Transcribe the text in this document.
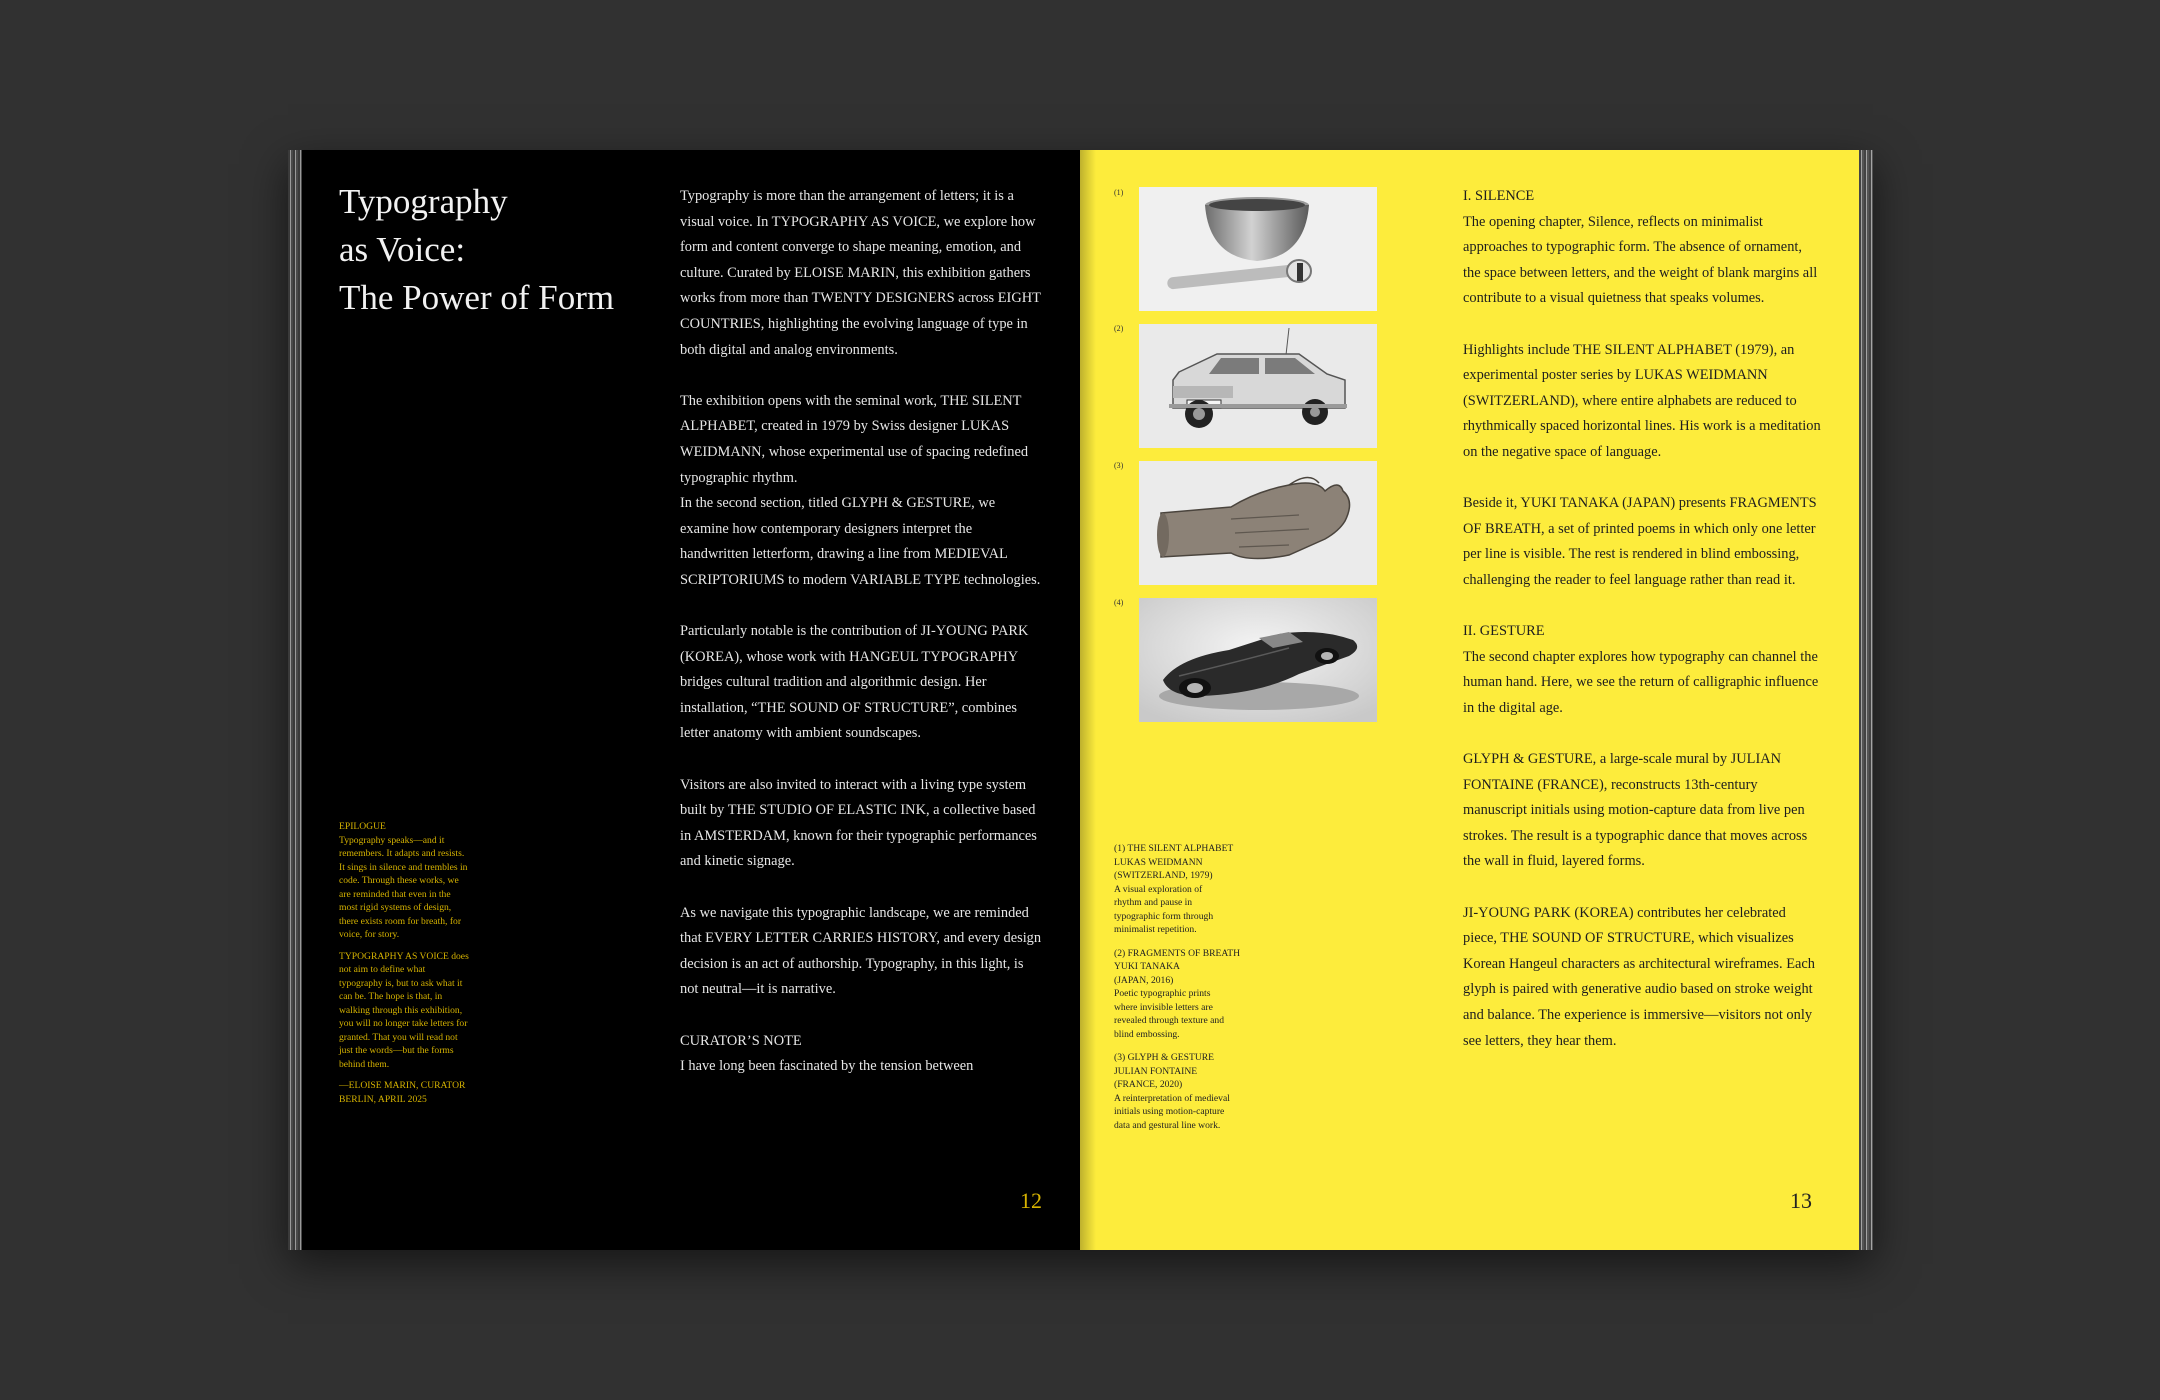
Typography
as Voice:
The Power of Form

Typography is more than the arrangement of letters; it is a visual voice. In TYPOGRAPHY AS VOICE, we explore how form and content converge to shape meaning, emotion, and culture. Curated by ELOISE MARIN, this exhibition gathers works from more than TWENTY DESIGNERS across EIGHT COUNTRIES, highlighting the evolving language of type in both digital and analog environments.

The exhibition opens with the seminal work, THE SILENT ALPHABET, created in 1979 by Swiss designer LUKAS WEIDMANN, whose experimental use of spacing redefined typographic rhythm.

In the second section, titled GLYPH & GESTURE, we examine how contemporary designers interpret the handwritten letterform, drawing a line from MEDIEVAL SCRIPTORIUMS to modern VARIABLE TYPE technologies.

Particularly notable is the contribution of JI-YOUNG PARK (KOREA), whose work with HANGEUL TYPOGRAPHY bridges cultural tradition and algorithmic design. Her installation, “THE SOUND OF STRUCTURE”, combines letter anatomy with ambient soundscapes.

Visitors are also invited to interact with a living type system built by THE STUDIO OF ELASTIC INK, a collective based in AMSTERDAM, known for their typographic performances and kinetic signage.

As we navigate this typographic landscape, we are reminded that EVERY LETTER CARRIES HISTORY, and every design decision is an act of authorship. Typography, in this light, is not neutral—it is narrative.

CURATOR’S NOTE

I have long been fascinated by the tension between

EPILOGUE

Typography speaks—and it remembers. It adapts and resists. It sings in silence and trembles in code. Through these works, we are reminded that even in the most rigid systems of design, there exists room for breath, for voice, for story.

TYPOGRAPHY AS VOICE does not aim to define what typography is, but to ask what it can be. The hope is that, in walking through this exhibition, you will no longer take letters for granted. That you will read not just the words—but the forms behind them.

—ELOISE MARIN, CURATOR
BERLIN, APRIL 2025
12
(1)
(2)
(3)
(4)
(1) THE SILENT ALPHABET
LUKAS WEIDMANN
(SWITZERLAND, 1979)
A visual exploration of
rhythm and pause in
typographic form through
minimalist repetition.
(2) FRAGMENTS OF BREATH
YUKI TANAKA
(JAPAN, 2016)
Poetic typographic prints
where invisible letters are
revealed through texture and
blind embossing.
(3) GLYPH & GESTURE
JULIAN FONTAINE
(FRANCE, 2020)
A reinterpretation of medieval
initials using motion-capture
data and gestural line work.

I. SILENCE

The opening chapter, Silence, reflects on minimalist approaches to typographic form. The absence of ornament, the space between letters, and the weight of blank margins all contribute to a visual quietness that speaks volumes.

Highlights include THE SILENT ALPHABET (1979), an experimental poster series by LUKAS WEIDMANN (SWITZERLAND), where entire alphabets are reduced to rhythmically spaced horizontal lines. His work is a meditation on the negative space of language.

Beside it, YUKI TANAKA (JAPAN) presents FRAGMENTS OF BREATH, a set of printed poems in which only one letter per line is visible. The rest is rendered in blind embossing, challenging the reader to feel language rather than read it.

II. GESTURE

The second chapter explores how typography can channel the human hand. Here, we see the return of calligraphic influence in the digital age.

GLYPH & GESTURE, a large-scale mural by JULIAN FONTAINE (FRANCE), reconstructs 13th-century manuscript initials using motion-capture data from live pen strokes. The result is a typographic dance that moves across the wall in fluid, layered forms.

JI-YOUNG PARK (KOREA) contributes her celebrated piece, THE SOUND OF STRUCTURE, which visualizes Korean Hangeul characters as architectural wireframes. Each glyph is paired with generative audio based on stroke weight and balance. The experience is immersive—visitors not only see letters, they hear them.

13
